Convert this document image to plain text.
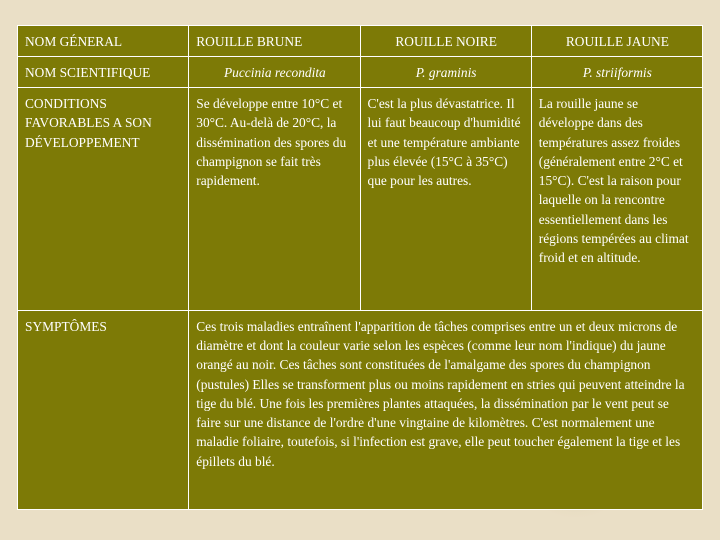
NOM GÉNERAL	ROUILLE BRUNE	ROUILLE NOIRE	ROUILLE JAUNE
NOM SCIENTIFIQUE	Puccinia recondita	P. graminis	P. striiformis
CONDITIONS FAVORABLES A SON DÉVELOPPEMENT	Se développe entre 10°C et 30°C. Au-delà de 20°C, la dissémination des spores du champignon se fait très rapidement.	C'est la plus dévastatrice. Il lui faut beaucoup d'humidité et une température ambiante plus élevée (15°C à 35°C) que pour les autres.	La rouille jaune se développe dans des températures assez froides (généralement entre 2°C et 15°C). C'est la raison pour laquelle on la rencontre essentiellement dans les régions tempérées au climat froid et en altitude.
SYMPTÔMES	Ces trois maladies entraînent l'apparition de tâches comprises entre un et deux microns de diamètre et dont la couleur varie selon les espèces (comme leur nom l'indique) du jaune orangé au noir. Ces tâches sont constituées de l'amalgame des spores du champignon (pustules) Elles se transforment plus ou moins rapidement en stries qui peuvent atteindre la tige du blé. Une fois les premières plantes attaquées, la dissémination par le vent peut se faire sur une distance de l'ordre d'une vingtaine de kilomètres. C'est normalement une maladie foliaire, toutefois, si l'infection est grave, elle peut toucher également la tige et les épillets du blé.		
